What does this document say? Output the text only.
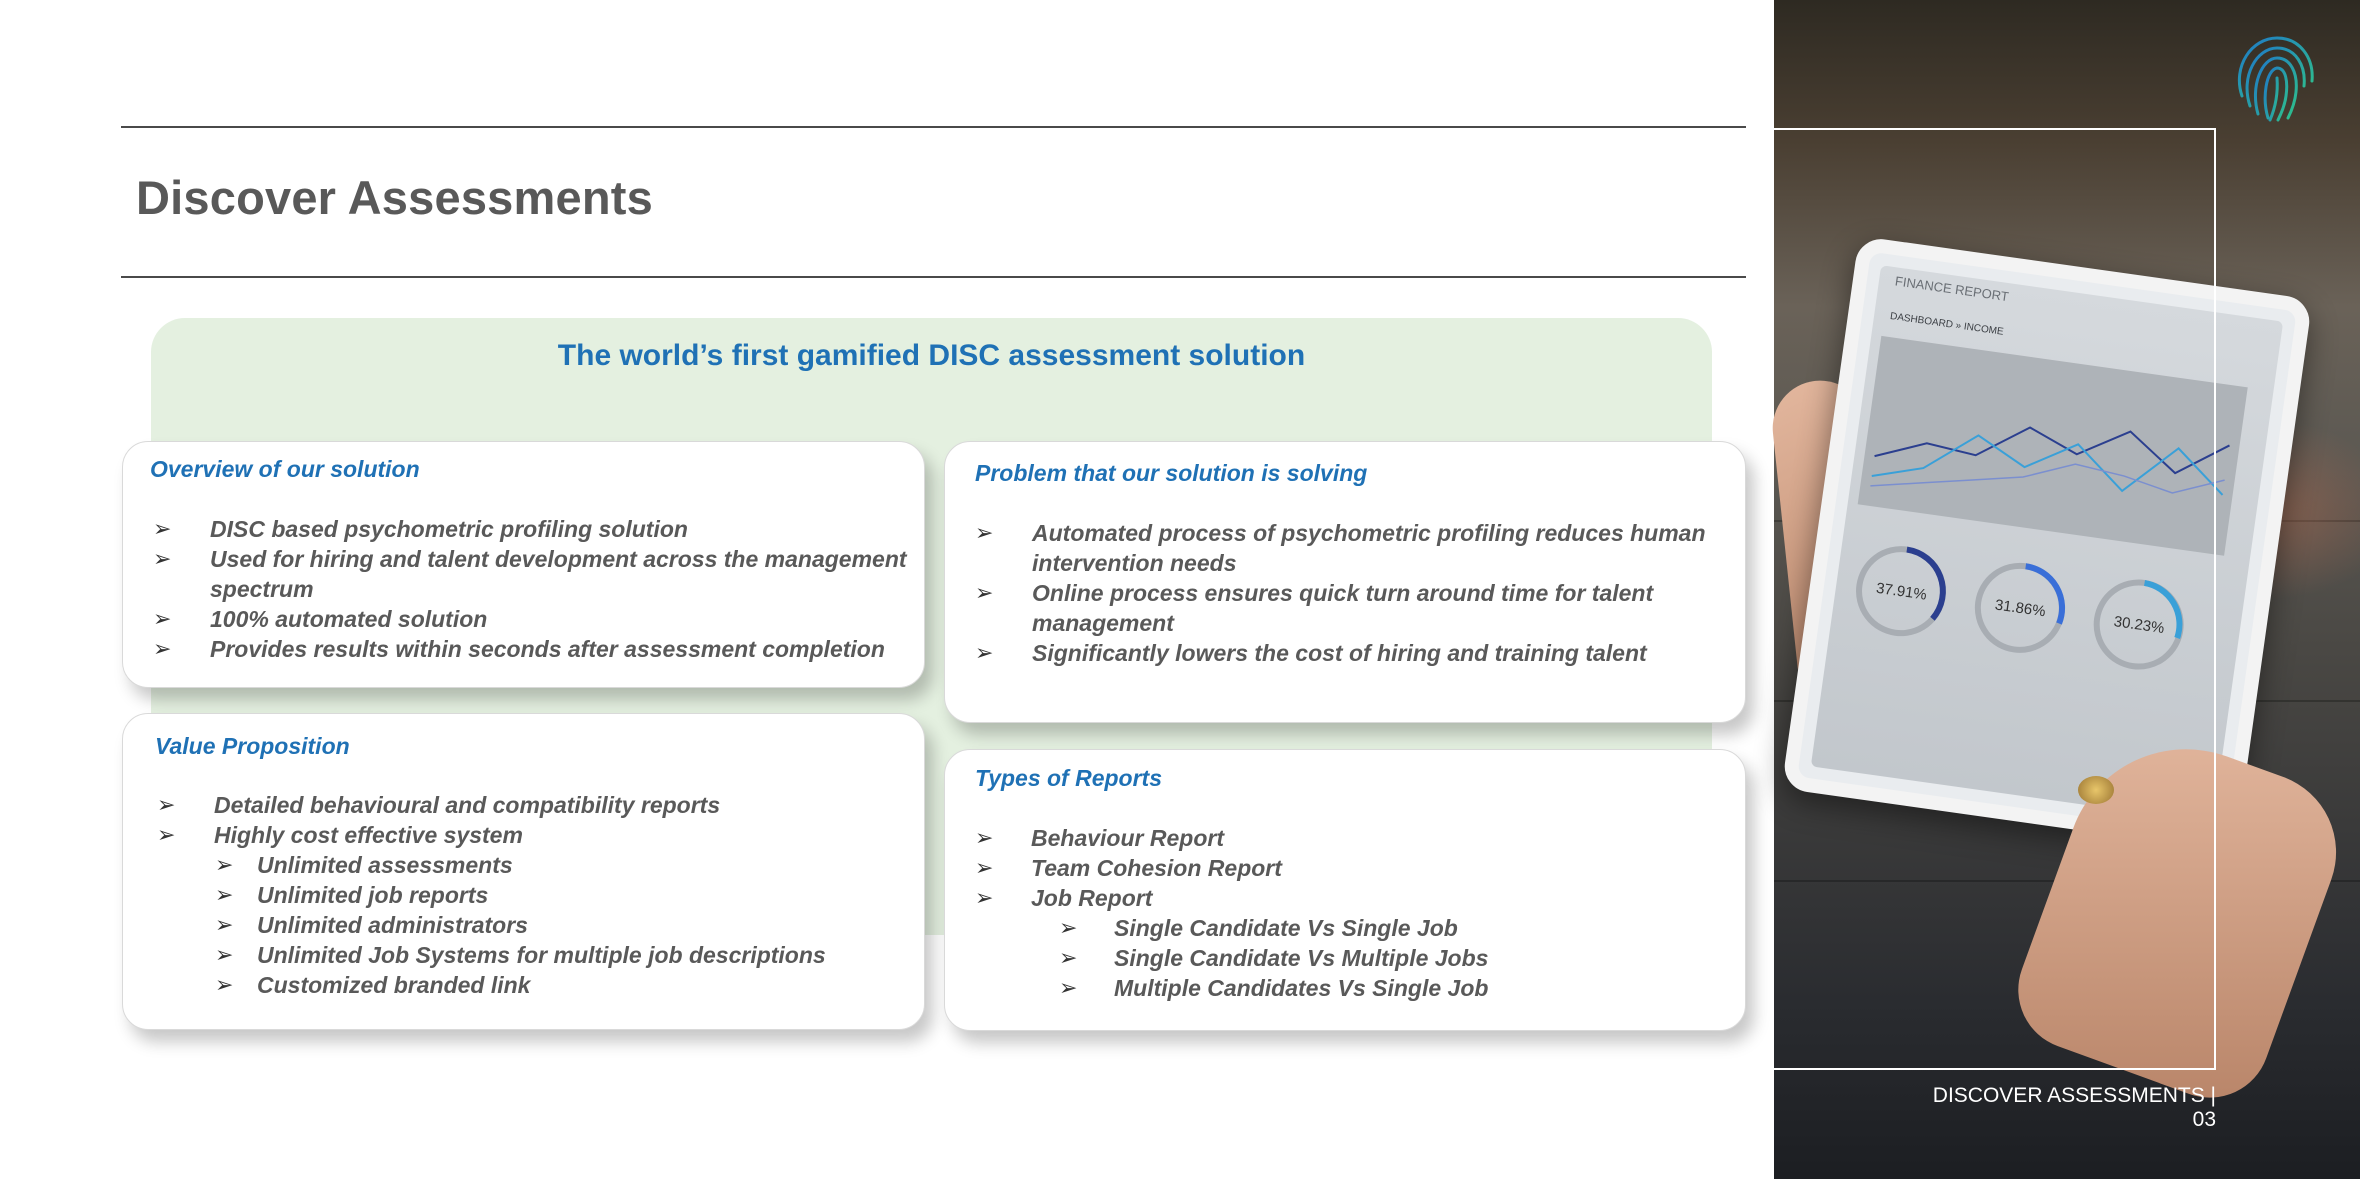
Discover Assessments
The world’s first gamified DISC assessment solution
Overview of our solution
➢ DISC based psychometric profiling solution
➢ Used for hiring and talent development across the management
spectrum
➢ 100% automated solution
➢ Provides results within seconds after assessment completion
Problem that our solution is solving
➢ Automated process of psychometric profiling reduces human
intervention needs
➢ Online process ensures quick turn around time for talent
management
➢ Significantly lowers the cost of hiring and training talent
Value Proposition
➢ Detailed behavioural and compatibility reports
➢ Highly cost effective system
➢ Unlimited assessments
➢ Unlimited job reports
➢ Unlimited administrators
➢ Unlimited Job Systems for multiple job descriptions
➢ Customized branded link
Types of Reports
➢ Behaviour Report
➢ Team Cohesion Report
➢ Job Report
➢ Single Candidate Vs Single Job
➢ Single Candidate Vs Multiple Jobs
➢ Multiple Candidates Vs Single Job
FINANCE REPORT
DASHBOARD » INCOME
37.91%
31.86%
30.23%
DISCOVER ASSESSMENTS | 03
